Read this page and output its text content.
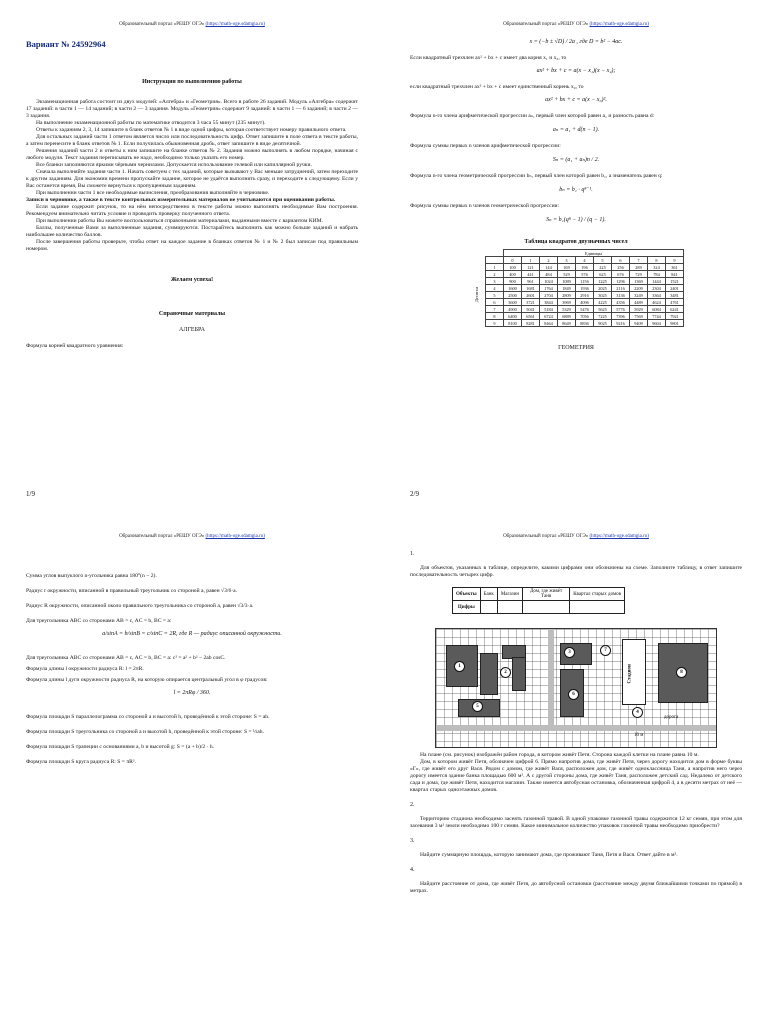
Образовательный портал «РЕШУ ОГЭ» (https://math-oge.sdamgia.ru)
Вариант № 24592964
Инструкция по выполнению работы

Экзаменационная работа состоит из двух модулей: «Алгебра» и «Геометрия». Всего в работе 26 заданий. Модуль «Алгебра» содержит 17 заданий: в части 1 — 14 заданий; в части 2 — 3 задания. Модуль «Геометрия» содержит 9 заданий: в части 1 — 6 заданий; в части 2 — 3 задания.

На выполнение экзаменационной работы по математике отводится 3 часа 55 минут (235 минут).

Ответы к заданиям 2, 3, 14 запишите в бланк ответов № 1 в виде одной цифры, которая соответствует номеру правильного ответа.

Для остальных заданий части 1 ответом является число или последовательность цифр. Ответ запишите в поле ответа в тексте работы, а затем перенесите в бланк ответов № 1. Если получилась обыкновенная дробь, ответ запишите в виде десятичной.

Решения заданий части 2 и ответы к ним запишите на бланке ответов № 2. Задания можно выполнять в любом порядке, начиная с любого модуля. Текст задания переписывать не надо, необходимо только указать его номер.

Все бланки заполняются яркими чёрными чернилами. Допускается использование гелевой или капиллярной ручки.

Сначала выполняйте задания части 1. Начать советуем с тех заданий, которые вызывают у Вас меньше затруднений, затем переходите к другим заданиям. Для экономии времени пропускайте задание, которое не удаётся выполнить сразу, и переходите к следующему. Если у Вас останется время, Вы сможете вернуться к пропущенным заданиям.

При выполнении части 1 все необходимые вычисления, преобразования выполняйте в черновике.

Записи в черновике, а также в тексте контрольных измерительных материалов не учитываются при оценивании работы.

Если задание содержит рисунок, то на нём непосредственно в тексте работы можно выполнять необходимые Вам построения. Рекомендуем внимательно читать условие и проводить проверку полученного ответа.

При выполнении работы Вы можете воспользоваться справочными материалами, выданными вместе с вариантом КИМ.

Баллы, полученные Вами за выполненные задания, суммируются. Постарайтесь выполнить как можно больше заданий и набрать наибольшее количество баллов.

После завершения работы проверьте, чтобы ответ на каждое задание в бланках ответов № 1 и № 2 был записан под правильным номером.

Желаем успеха!
Справочные материалы
АЛГЕБРА
Формула корней квадратного уравнения:
1/9
Образовательный портал «РЕШУ ОГЭ» (https://math-oge.sdamgia.ru)
x = (−b ± √D) / 2a , где D = b² − 4ac.
Если квадратный трехчлен ax² + bx + c имеет два корня x₁ и x₂, то
ax² + bx + c = a(x − x₁)(x − x₂);
если квадратный трехчлен ax² + bx + c имеет единственный корень x₀, то
ax² + bx + c = a(x − x₀)².
Формула n-го члена арифметической прогрессии aₙ, первый член которой равен a₁ и разность равна d:
aₙ = a₁ + d(n − 1).
Формула суммы первых n членов арифметической прогрессии:
Sₙ = (a₁ + aₙ)n / 2.
Формула n-го члена геометрической прогрессии bₙ, первый член которой равен b₁, а знаменатель равен q:
bₙ = b₁ · qⁿ⁻¹.
Формула суммы первых n членов геометрической прогрессии:
Sₙ = b₁(qⁿ − 1) / (q − 1).
Таблица квадратов двузначных чисел
		Единицы									
		0	1	2	3	4	5	6	7	8	9
Десятки	1	100	121	144	169	196	225	256	289	324	361
	2	400	441	484	529	576	625	676	729	784	841
	3	900	961	1024	1089	1156	1225	1296	1369	1444	1521
	4	1600	1681	1764	1849	1936	2025	2116	2209	2304	2401
	5	2500	2601	2704	2809	2916	3025	3136	3249	3364	3481
	6	3600	3721	3844	3969	4096	4225	4356	4489	4624	4761
	7	4900	5041	5184	5329	5476	5625	5776	5929	6084	6241
	8	6400	6561	6724	6889	7056	7225	7396	7569	7744	7921
	9	8100	8281	8464	8649	8836	9025	9216	9409	9604	9801
ГЕОМЕТРИЯ
2/9
Образовательный портал «РЕШУ ОГЭ» (https://math-oge.sdamgia.ru)
Сумма углов выпуклого n-угольника равна 180°(n − 2).
Радиус r окружности, вписанной в правильный треугольник со стороной a, равен √3/6·a.
Радиус R окружности, описанной около правильного треугольника со стороной a, равен √3/3·a.
Для треугольника ABC со сторонами AB = c, AC = b, BC = a:
a/sinA = b/sinB = c/sinC = 2R, где R — радиус описанной окружности.
Для треугольника ABC со сторонами AB = c, AC = b, BC = a: c² = a² + b² − 2ab cosC.
Формула длины l окружности радиуса R: l = 2πR.
Формула длины l дуги окружности радиуса R, на которую опирается центральный угол в φ градусов:
l = 2πRφ / 360.
Формула площади S параллелограмма со стороной a и высотой h, проведённой к этой стороне: S = ah.
Формула площади S треугольника со стороной a и высотой h, проведённой к этой стороне: S = ½ah.
Формула площади S трапеции с основаниями a, b и высотой g: S = (a + b)/2 · h.
Формула площади S круга радиуса R: S = πR².
Образовательный портал «РЕШУ ОГЭ» (https://math-oge.sdamgia.ru)
1.

Для объектов, указанных в таблице, определите, какими цифрами они обозначены на схеме. Заполните таблицу, в ответ запишите последовательность четырех цифр.

Объекты	Банк	Магазин	Дом, где живёт Таня	Квартал старых домов
Цифры				
Стадион
1
2
3
4
5
6
7
8
дорога
10 м

На плане (см. рисунок) изображён район города, в котором живёт Петя. Сторона каждой клетки на плане равна 10 м.

Дом, в котором живёт Петя, обозначен цифрой 6. Прямо напротив дома, где живёт Петя, через дорогу находится дом в форме буквы «Г», где живёт его друг Вася. Рядом с домом, где живёт Вася, расположен дом, где живёт одноклассница Таня, а напротив него через дорогу имеется здание банка площадью 600 м². А с другой стороны дома, где живёт Таня, расположен детский сад. Недалеко от детского сада и дома, где живёт Петя, находится магазин. Также имеется автобусная остановка, обозначенная цифрой 4, а в десяти метрах от неё — квартал старых одноэтажных домов.

2.

Территорию стадиона необходимо засеять газонной травой. В одной упаковке газонной травы содержится 12 кг семян, при этом для засевания 3 м² земли необходимо 100 г семян. Какое минимальное количество упаковок газонной травы необходимо приобрести?

3.

Найдите суммарную площадь, которую занимают дома, где проживают Таня, Петя и Вася. Ответ дайте в м².

4.

Найдите расстояние от дома, где живёт Петя, до автобусной остановки (расстояние между двумя ближайшими точками по прямой) в метрах.
